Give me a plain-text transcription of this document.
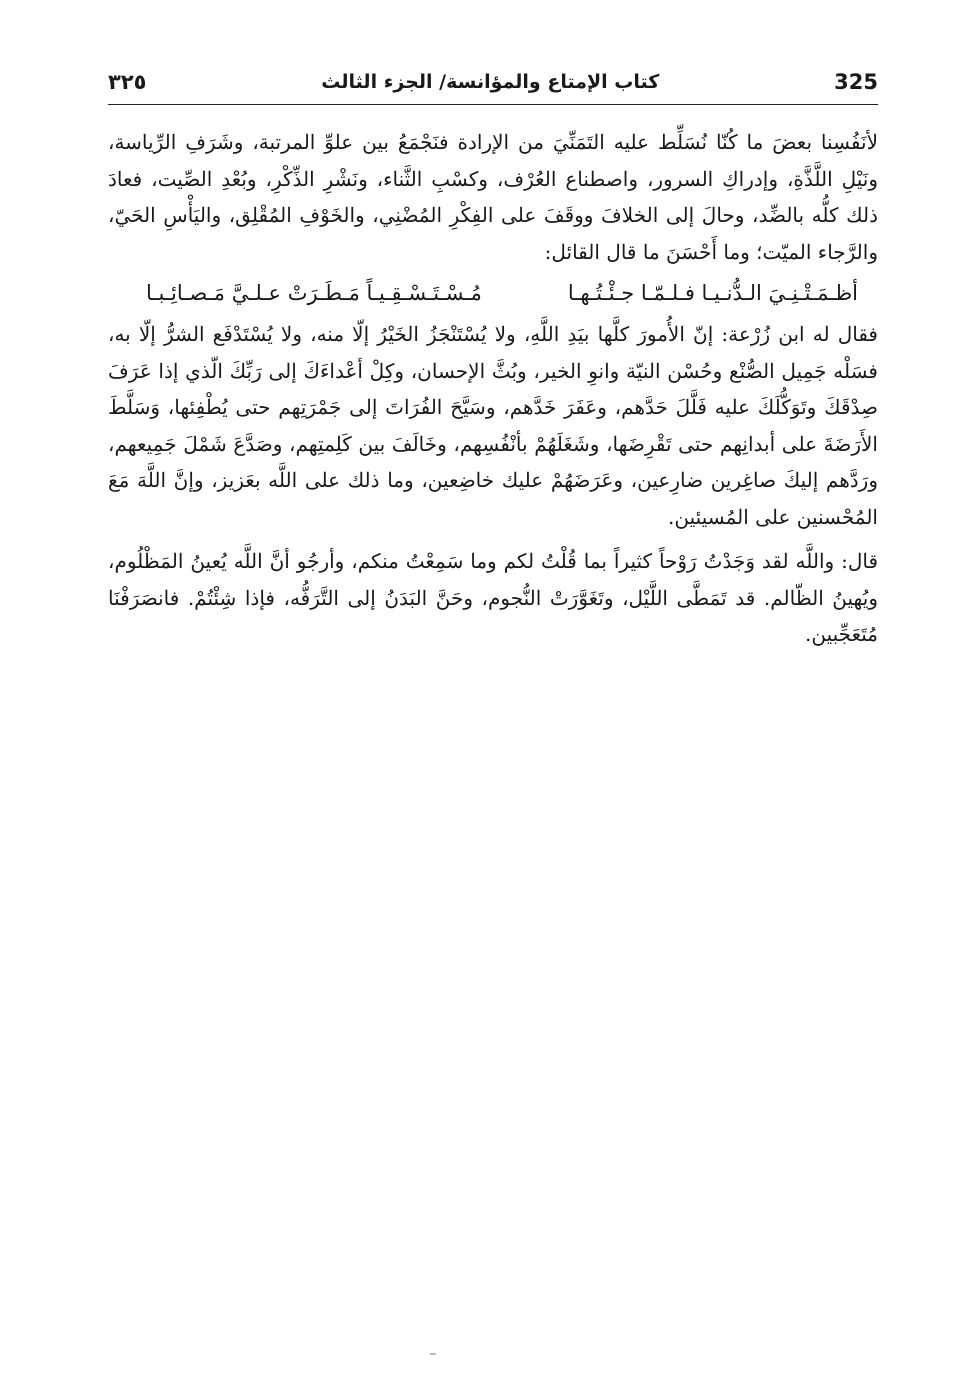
٣٢٥	كتاب الإمتاع والمؤانسة/ الجزء الثالث	325

لأنَفُسِنا بعضَ ما كُنّا نُسَلِّط عليه التَمَنِّيَ من الإرادة فنَجْمَعُ بين علوِّ المرتبة، وشَرَفِ الرِّياسة، ونَيْلِ اللَّذَّةِ، وإدراكِ السرور، واصطناع العُرْف، وكسْبِ الثَّناء، ونَشْرِ الذِّكْرِ، وبُعْدِ الصِّيت، فعادَ ذلك كلُّه بالضِّد، وحالَ إلى الخلافَ ووقَفَ على الفِكْرِ المُضْنِي، والخَوْفِ المُقْلِق، واليَأْسِ الحَيّ، والرَّجاء الميّت؛ وما أَحْسَنَ ما قال القائل:

أظـمَـتْـنِـيَ الـدُّنـيـا فـلـمّـا جـئْـتُـهـا
مُـسْـتَـسْـقِـيـاً مَـطَـرَتْ عـلـيَّ مَـصـائِـبـا

فقال له ابن زُرْعة: إنّ الأُمورَ كلَّها بيَدِ اللَّهِ، ولا يُسْتَنْجَزُ الخَيْرُ إلّا منه، ولا يُسْتَدْفَع الشرُّ إلّا به، فسَلْه جَمِيل الصُّنْع وحُسْن النيّة وانوِ الخير، وبُثَّ الإحسان، وكِلْ أعْداءَكَ إلى رَبِّكَ الّذي إذا عَرَفَ صِدْقَكَ وتَوَكُّلَكَ عليه فَلَّلَ حَدَّهم، وعَفَرَ خَدَّهم، وسَيَّحَ الفُرَاتَ إلى جَمْرَتِهم حتى يُطْفِئها، وَسَلَّطَ الأَرَضَةَ على أبدانِهم حتى تَقْرِضَها، وشَغَلَهُمْ بأنْفُسِهم، وخَالَفَ بين كَلِمتِهم، وصَدَّعَ شَمْلَ جَمِيعهم، ورَدَّهم إليكَ صاغِرين ضارِعين، وعَرَضَهُمْ عليك خاضِعين، وما ذلك على اللَّه بعَزيز، وإنَّ اللَّهَ مَعَ المُحْسنين على المُسيئين.

قال: واللَّه لقد وَجَدْتُ رَوْحاً كثيراً بما قُلْتُ لكم وما سَمِعْتُ منكم، وأرجُو أنَّ اللَّه يُعينُ المَظْلُوم، ويُهينُ الظّالم. قد تَمَطَّى اللَّيْل، وتَغَوَّرَتْ النُّجوم، وحَنَّ البَدَنُ إلى التَّرَفُّه، فإذا شِئْتُمْ. فانصَرَفْنَا مُتَعَجِّبين.
